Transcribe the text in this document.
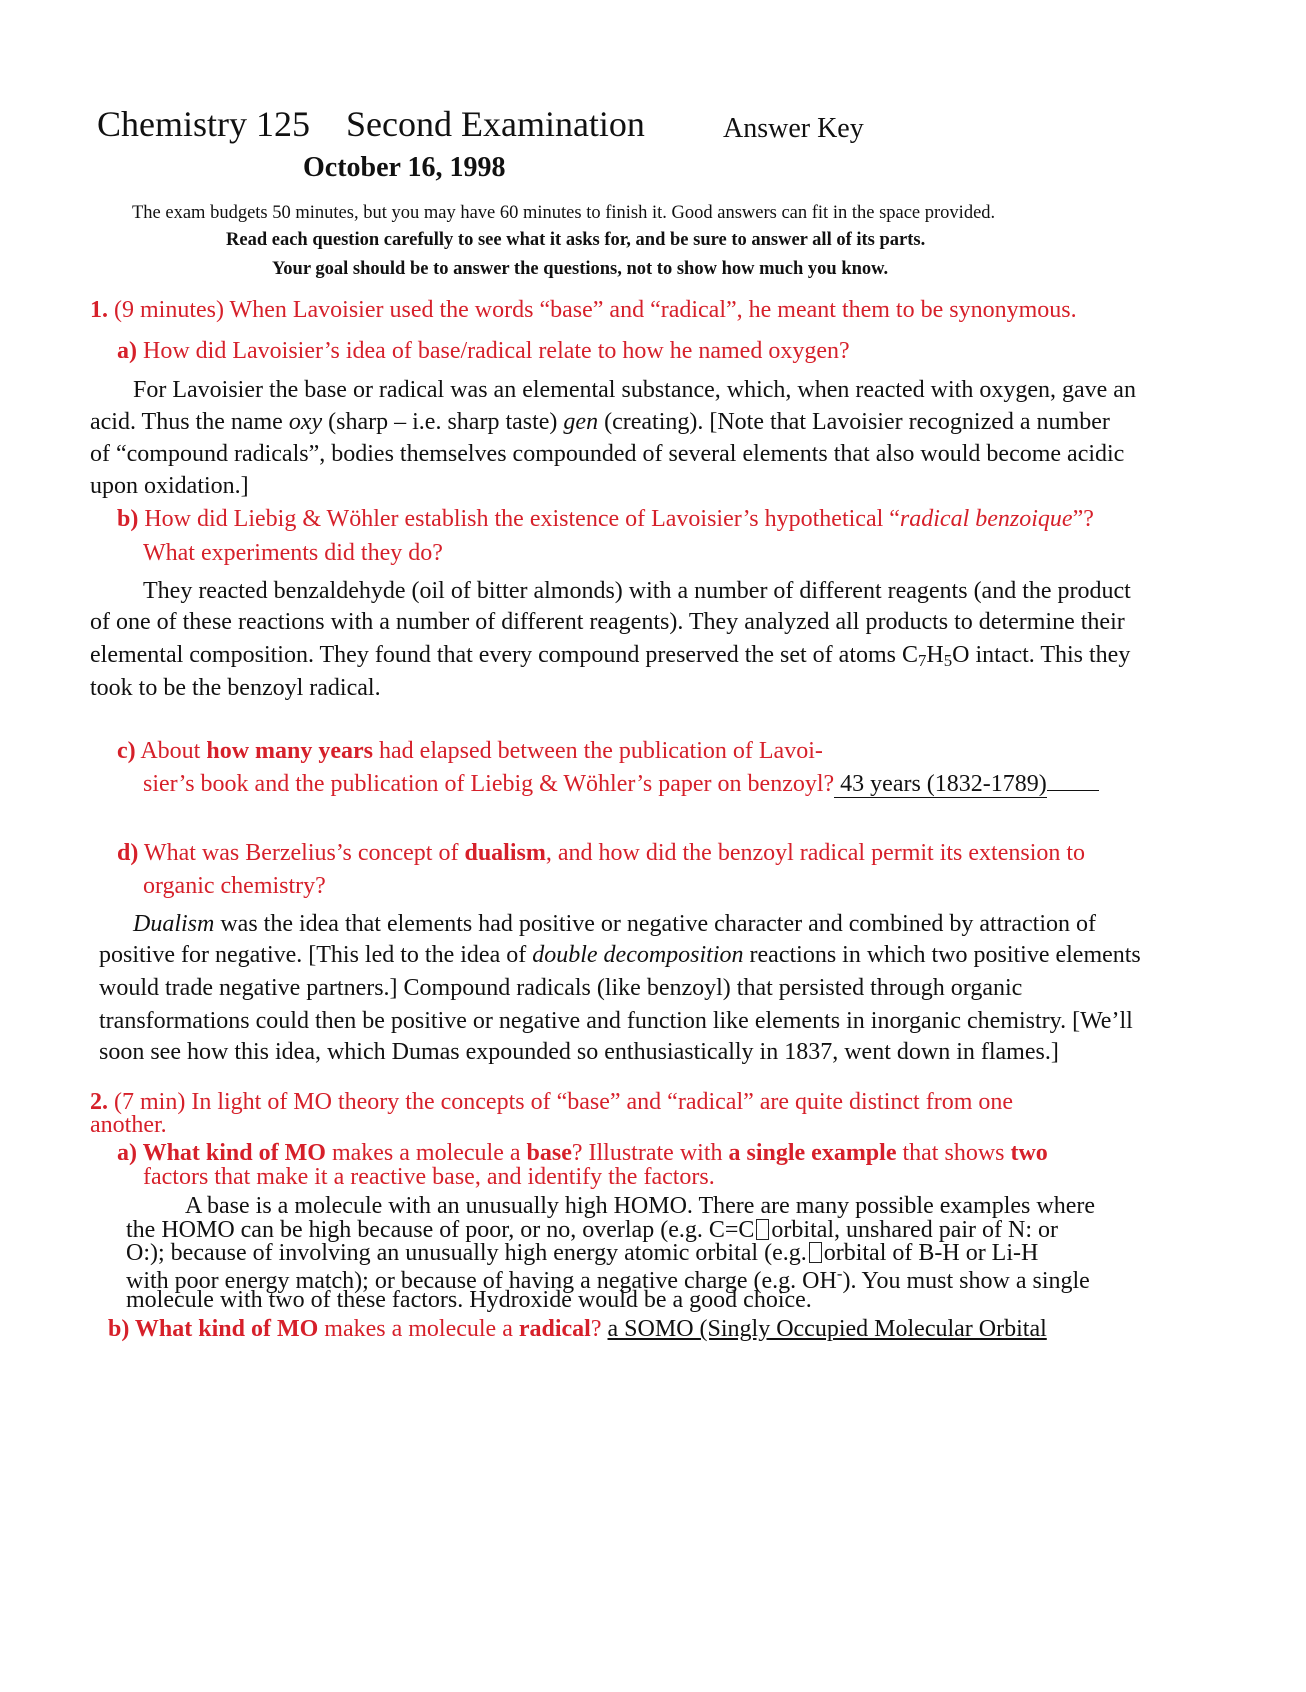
Chemistry 125 Second Examination	Answer Key
October 16, 1998
The exam budgets 50 minutes, but you may have 60 minutes to finish it. Good answers can fit in the space provided.
Read each question carefully to see what it asks for, and be sure to answer all of its parts.
Your goal should be to answer the questions, not to show how much you know.
1. (9 minutes) When Lavoisier used the words “base” and “radical”, he meant them to be synonymous.
a) How did Lavoisier’s idea of base/radical relate to how he named oxygen?
For Lavoisier the base or radical was an elemental substance, which, when reacted with oxygen, gave an
acid. Thus the name oxy (sharp – i.e. sharp taste) gen (creating). [Note that Lavoisier recognized a number
of “compound radicals”, bodies themselves compounded of several elements that also would become acidic
upon oxidation.]
b) How did Liebig & Wöhler establish the existence of Lavoisier’s hypothetical “radical benzoique”?
What experiments did they do?
They reacted benzaldehyde (oil of bitter almonds) with a number of different reagents (and the product
of one of these reactions with a number of different reagents). They analyzed all products to determine their
elemental composition. They found that every compound preserved the set of atoms $C_7H_5O$ intact. This they
took to be the benzoyl radical.
c) About how many years had elapsed between the publication of Lavoi-
sier’s book and the publication of Liebig & Wöhler’s paper on benzoyl? 43 years (1832-1789)
d) What was Berzelius’s concept of dualism, and how did the benzoyl radical permit its extension to
organic chemistry?
Dualism was the idea that elements had positive or negative character and combined by attraction of
positive for negative. [This led to the idea of double decomposition reactions in which two positive elements
would trade negative partners.] Compound radicals (like benzoyl) that persisted through organic
transformations could then be positive or negative and function like elements in inorganic chemistry. [We’ll
soon see how this idea, which Dumas expounded so enthusiastically in 1837, went down in flames.]
2. (7 min) In light of MO theory the concepts of “base” and “radical” are quite distinct from one
another.
a) What kind of MO makes a molecule a base? Illustrate with a single example that shows two
factors that make it a reactive base, and identify the factors.
A base is a molecule with an unusually high HOMO. There are many possible examples where
the HOMO can be high because of poor, or no, overlap (e.g. C=C orbital, unshared pair of N: or
O:); because of involving an unusually high energy atomic orbital (e.g. orbital of B-H or Li-H
with poor energy match); or because of having a negative charge (e.g. OH-). You must show a single
molecule with two of these factors. Hydroxide would be a good choice.
b) What kind of MO makes a molecule a radical? a SOMO (Singly Occupied Molecular Orbital
